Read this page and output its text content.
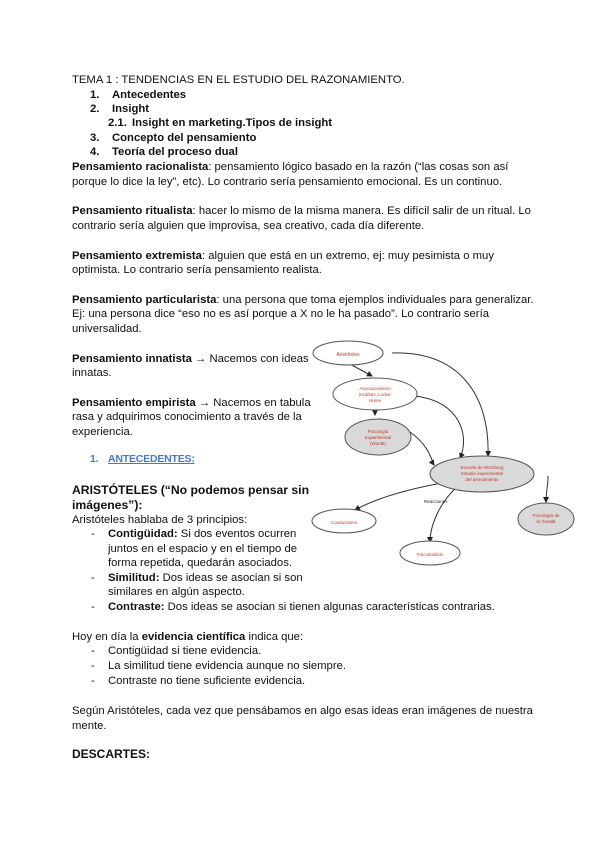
TEMA 1 : TENDENCIAS EN EL ESTUDIO DEL RAZONAMIENTO.

1. Antecedentes
2. Insight
2.1. Insight en marketing.Tipos de insight
3. Concepto del pensamiento
4. Teoría del proceso dual

Pensamiento racionalista: pensamiento lógico basado en la razón (“las cosas son así

porque lo dice la ley”, etc). Lo contrario sería pensamiento emocional. Es un continuo.

Pensamiento ritualista: hacer lo mismo de la misma manera. Es difícil salir de un ritual. Lo

contrario sería alguien que improvisa, sea creativo, cada día diferente.

Pensamiento extremista: alguien que está en un extremo, ej: muy pesimista o muy

optimista. Lo contrario sería pensamiento realista.

Pensamiento particularista: una persona que toma ejemplos individuales para generalizar.

Ej: una persona dice “eso no es así porque a X no le ha pasado”. Lo contrario sería

universalidad.

Pensamiento innatista → Nacemos con ideas

innatas.

Pensamiento empirista → Nacemos en tabula

rasa y adquirimos conocimiento a través de la

experiencia.

1. ANTECEDENTES:

ARISTÓTELES (“No podemos pensar sin

imágenes”):

Aristóteles hablaba de 3 principios:

- Contigüidad: Si dos eventos ocurren

juntos en el espacio y en el tiempo de

forma repetida, quedarán asociados.

- Similitud: Dos ideas se asocian si son

similares en algún aspecto.

- Contraste: Dos ideas se asocian si tienen algunas características contrarias.

Hoy en día la evidencia científica indica que:

- Contigüidad si tiene evidencia.

- La similitud tiene evidencia aunque no siempre.

- Contraste no tiene suficiente evidencia.

Según Aristóteles, cada vez que pensábamos en algo esas ideas eran imágenes de nuestra

mente.

DESCARTES:

Aristóteles
Asociacionismo
(Hobbes, Locke,
Hume
Psicología
Experimental
(Wundt)
Escuela de Würzburg
Estudio experimental
del pensamiento
Reacciones
Conductismo
Psicoanálisis
Psicología de
la Gestalt
